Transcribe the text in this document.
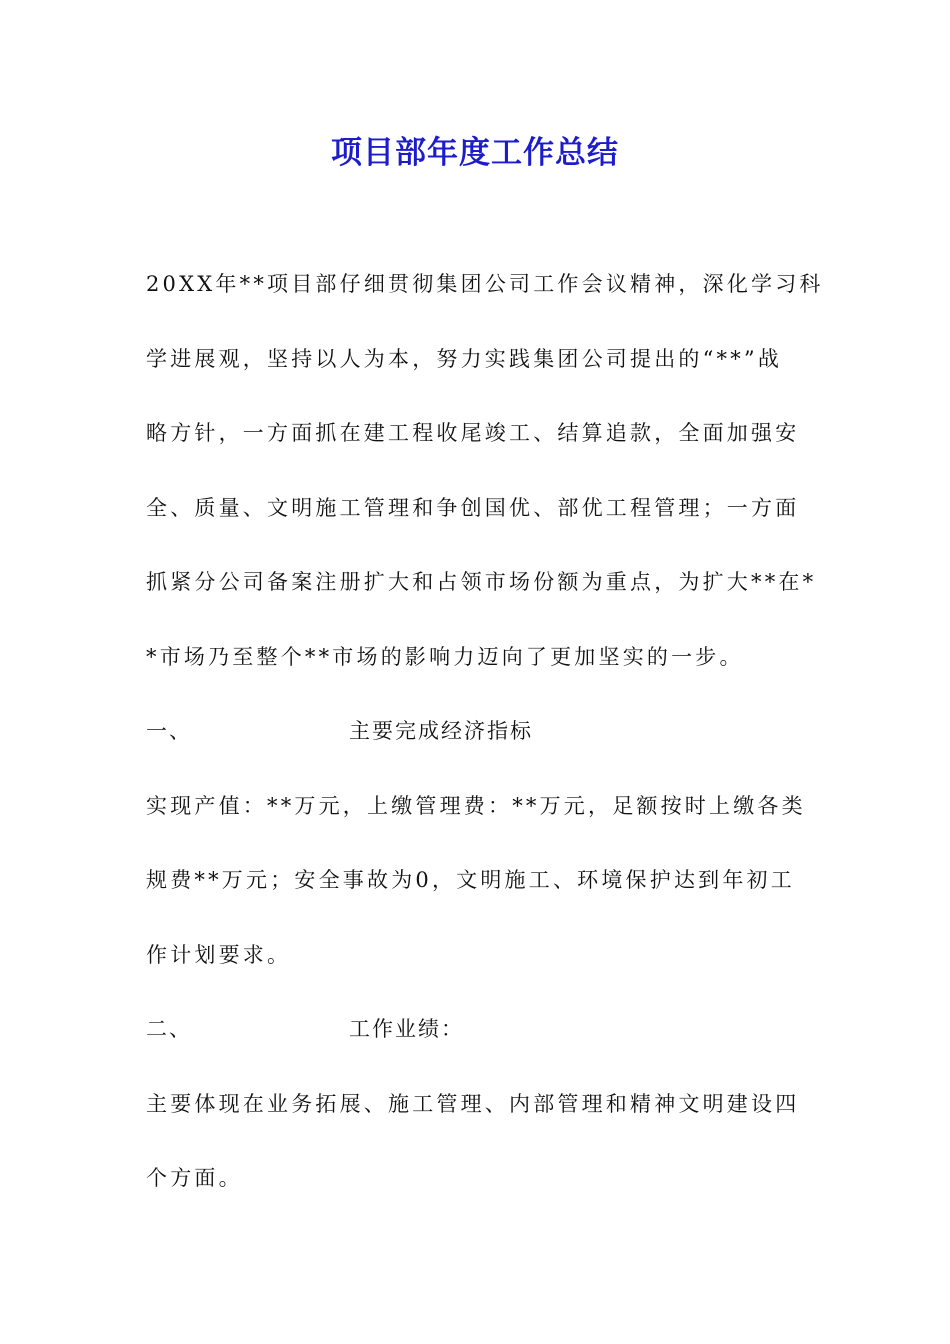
项目部年度工作总结
20XX年**项目部仔细贯彻集团公司工作会议精神，深化学习科
学进展观，坚持以人为本，努力实践集团公司提出的“**”战
略方针，一方面抓在建工程收尾竣工、结算追款，全面加强安
全、质量、文明施工管理和争创国优、部优工程管理；一方面
抓紧分公司备案注册扩大和占领市场份额为重点，为扩大**在*
*市场乃至整个**市场的影响力迈向了更加坚实的一步。
一、	主要完成经济指标
实现产值：**万元，上缴管理费：**万元，足额按时上缴各类
规费**万元；安全事故为0，文明施工、环境保护达到年初工
作计划要求。
二、	工作业绩：
主要体现在业务拓展、施工管理、内部管理和精神文明建设四
个方面。
